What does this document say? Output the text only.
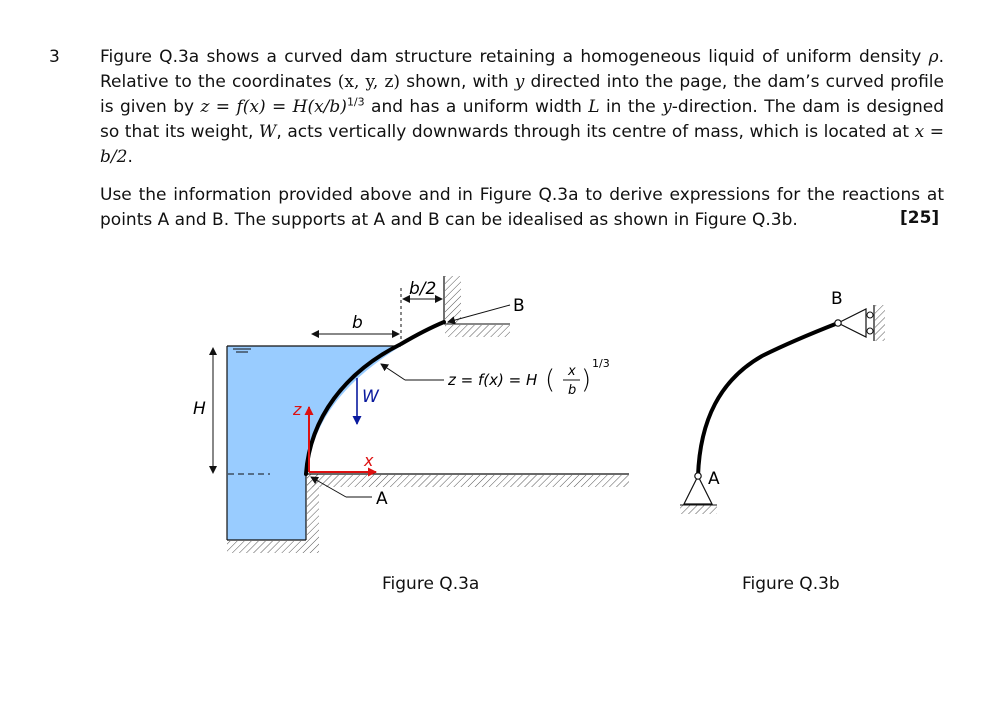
3 Figure Q.3a shows a curved dam structure retaining a homogeneous liquid of uniform density ρ. Relative to the coordinates (x, y, z) shown, with y directed into the page, the dam’s curved profile is given by $z = f(x) = H(x/b)^{1/3}$ and has a uniform width L in the y-direction. The dam is designed so that its weight, W, acts vertically downwards through its centre of mass, which is located at x = b/2.
Use the information provided above and in Figure Q.3a to derive expressions for the reactions at points A and B. The supports at A and B can be idealised as shown in Figure Q.3b.	[25]
b/2
b
H
W
z
x
A
B
z = f(x) = H ( x
b )
1/3
A
B
Figure Q.3a	Figure Q.3b
